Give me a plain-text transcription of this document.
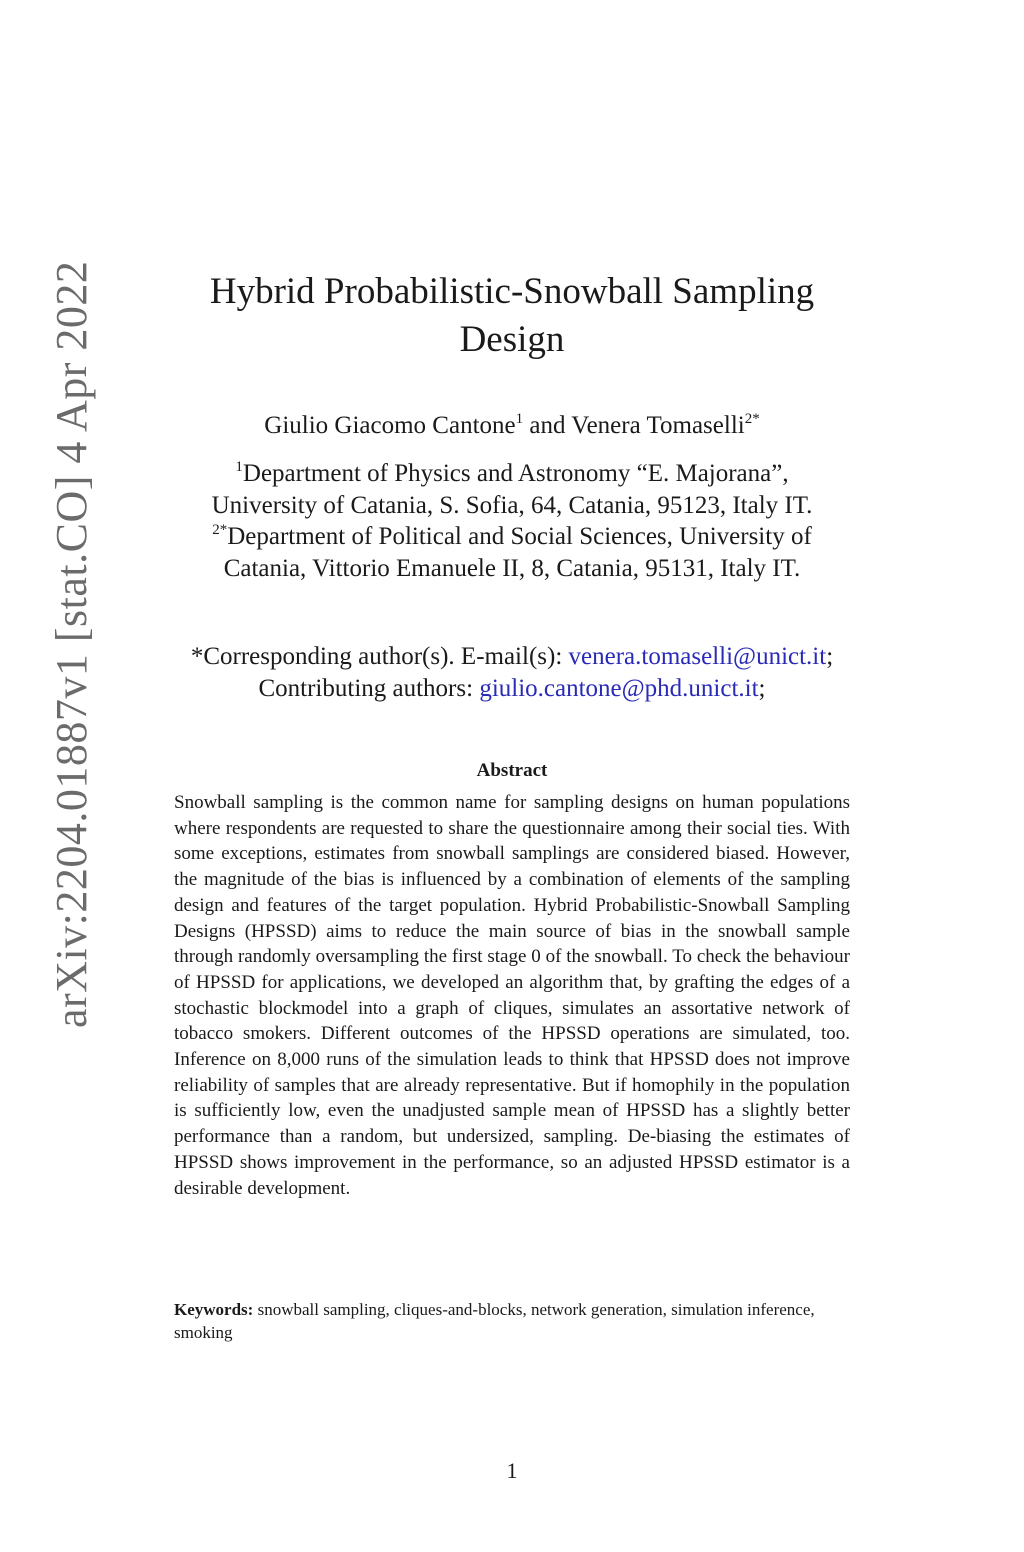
arXiv:2204.01887v1 [stat.CO] 4 Apr 2022	Hybrid Probabilistic-Snowball Sampling
Design
Giulio Giacomo Cantone$^1$ and Venera Tomaselli$^{2*}$
$^1$Department of Physics and Astronomy “E. Majorana”,
University of Catania, S. Sofia, 64, Catania, 95123, Italy IT.
$^{2*}$Department of Political and Social Sciences, University of
Catania, Vittorio Emanuele II, 8, Catania, 95131, Italy IT.
*Corresponding author(s). E-mail(s): venera.tomaselli@unict.it;
Contributing authors: giulio.cantone@phd.unict.it;
Abstract
Snowball sampling is the common name for sampling designs on human populations where respondents are requested to share the questionnaire among their social ties. With some exceptions, estimates from snowball samplings are considered biased. However, the magnitude of the bias is influenced by a combination of elements of the sampling design and features of the target population. Hybrid Probabilistic-Snowball Sampling Designs (HPSSD) aims to reduce the main source of bias in the snowball sample through randomly oversampling the first stage 0 of the snowball. To check the behaviour of HPSSD for applications, we developed an algorithm that, by grafting the edges of a stochastic blockmodel into a graph of cliques, simulates an assortative network of tobacco smokers. Different outcomes of the HPSSD operations are simulated, too. Inference on 8,000 runs of the simulation leads to think that HPSSD does not improve reliability of samples that are already representative. But if homophily in the population is sufficiently low, even the unadjusted sample mean of HPSSD has a slightly better performance than a random, but undersized, sampling. De-biasing the estimates of HPSSD shows improvement in the performance, so an adjusted HPSSD estimator is a desirable development.
Keywords: snowball sampling, cliques-and-blocks, network generation, simulation inference, smoking
1
